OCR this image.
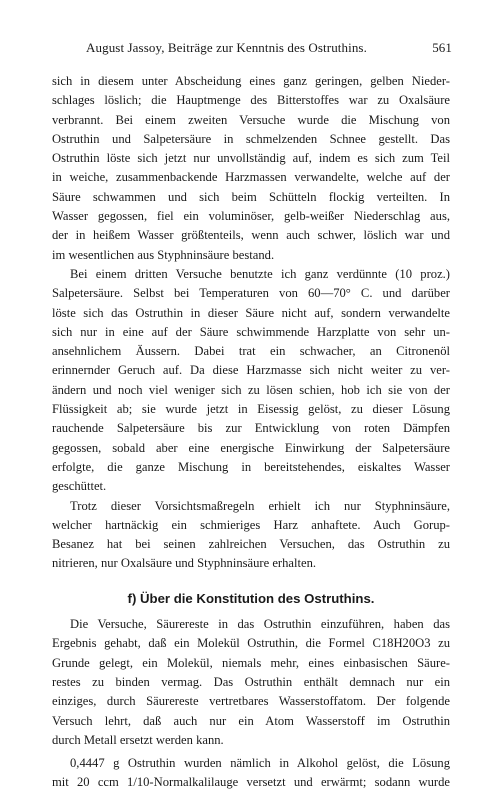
August Jassoy, Beiträge zur Kenntnis des Ostruthins.	561
sich in diesem unter Abscheidung eines ganz geringen, gelben Nieder-
schlages löslich; die Hauptmenge des Bitterstoffes war zu Oxalsäure
verbrannt. Bei einem zweiten Versuche wurde die Mischung von
Ostruthin und Salpetersäure in schmelzenden Schnee gestellt. Das
Ostruthin löste sich jetzt nur unvollständig auf, indem es sich zum Teil
in weiche, zusammenbackende Harzmassen verwandelte, welche auf der
Säure schwammen und sich beim Schütteln flockig verteilten. In
Wasser gegossen, fiel ein voluminöser, gelb-weißer Niederschlag aus,
der in heißem Wasser größtenteils, wenn auch schwer, löslich war und
im wesentlichen aus Styphninsäure bestand.
Bei einem dritten Versuche benutzte ich ganz verdünnte (10 proz.)
Salpetersäure. Selbst bei Temperaturen von 60—70° C. und darüber
löste sich das Ostruthin in dieser Säure nicht auf, sondern verwandelte
sich nur in eine auf der Säure schwimmende Harzplatte von sehr un-
ansehnlichem Äussern. Dabei trat ein schwacher, an Citronenöl
erinnernder Geruch auf. Da diese Harzmasse sich nicht weiter zu ver-
ändern und noch viel weniger sich zu lösen schien, hob ich sie von der
Flüssigkeit ab; sie wurde jetzt in Eisessig gelöst, zu dieser Lösung
rauchende Salpetersäure bis zur Entwicklung von roten Dämpfen
gegossen, sobald aber eine energische Einwirkung der Salpetersäure
erfolgte, die ganze Mischung in bereitstehendes, eiskaltes Wasser
geschüttet.
Trotz dieser Vorsichtsmaßregeln erhielt ich nur Styphninsäure,
welcher hartnäckig ein schmieriges Harz anhaftete. Auch Gorup-
Besanez hat bei seinen zahlreichen Versuchen, das Ostruthin zu
nitrieren, nur Oxalsäure und Styphninsäure erhalten.
f) Über die Konstitution des Ostruthins.
Die Versuche, Säurereste in das Ostruthin einzuführen, haben das
Ergebnis gehabt, daß ein Molekül Ostruthin, die Formel C18H20O3 zu
Grunde gelegt, ein Molekül, niemals mehr, eines einbasischen Säure-
restes zu binden vermag. Das Ostruthin enthält demnach nur ein
einziges, durch Säurereste vertretbares Wasserstoffatom. Der folgende
Versuch lehrt, daß auch nur ein Atom Wasserstoff im Ostruthin
durch Metall ersetzt werden kann.
0,4447 g Ostruthin wurden nämlich in Alkohol gelöst, die Lösung
mit 20 ccm 1/10-Normalkalilauge versetzt und erwärmt; sodann wurde
